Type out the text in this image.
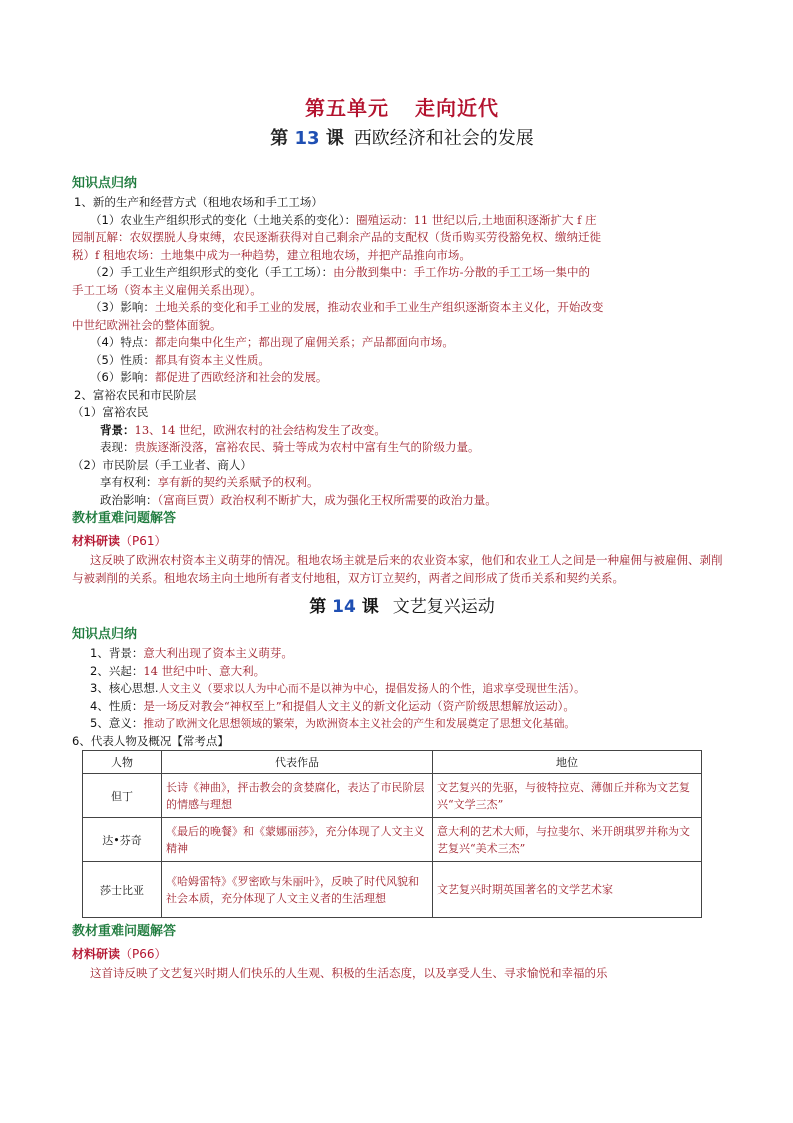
第五单元 走向近代

第 13 课 西欧经济和社会的发展

知识点归纳

1、新的生产和经营方式（租地农场和手工工场）

（1）农业生产组织形式的变化（土地关系的变化）：圈殖运动：11 世纪以后,土地面积逐渐扩大 f 庄

园制瓦解：农奴摆脱人身束缚，农民逐渐获得对自己剩余产品的支配权（货币购买劳役豁免权、缴纳迁徙

税）f 租地农场：土地集中成为一种趋势，建立租地农场，并把产品推向市场。

（2）手工业生产组织形式的变化（手工工场）：由分散到集中：手工作坊-分散的手工工场一集中的

手工工场（资本主义雇佣关系出现）。

（3）影响：土地关系的变化和手工业的发展，推动农业和手工业生产组织逐渐资本主义化，开始改变

中世纪欧洲社会的整体面貌。

（4）特点：都走向集中化生产；都出现了雇佣关系；产品都面向市场。

（5）性质：都具有资本主义性质。

（6）影响：都促进了西欧经济和社会的发展。

2、富裕农民和市民阶层

（1）富裕农民

背景：13、14 世纪，欧洲农村的社会结构发生了改变。

表现：贵族逐渐没落，富裕农民、骑士等成为农村中富有生气的阶级力量。

（2）市民阶层（手工业者、商人）

享有权利：享有新的契约关系赋予的权利。

政治影响：（富商巨贾）政治权利不断扩大，成为强化王权所需要的政治力量。

教材重难问题解答

材料研读（P61）

这反映了欧洲农村资本主义萌芽的情况。租地农场主就是后来的农业资本家，他们和农业工人之间是一种雇佣与被雇佣、剥削与被剥削的关系。租地农场主向土地所有者支付地租，双方订立契约，两者之间形成了货币关系和契约关系。

第 14 课 文艺复兴运动

知识点归纳

1、背景：意大利出现了资本主义萌芽。

2、兴起：14 世纪中叶、意大利。

3、核心思想.人文主义（要求以人为中心而不是以神为中心，提倡发扬人的个性，追求享受现世生活）。

4、性质：是一场反对教会“神权至上”和提倡人文主义的新文化运动（资产阶级思想解放运动）。

5、意义：推动了欧洲文化思想领域的繁荣，为欧洲资本主义社会的产生和发展奠定了思想文化基础。

6、代表人物及概况【常考点】

人物	代表作品	地位
但丁	长诗《神曲》，抨击教会的贪婪腐化，表达了市民阶层的情感与理想	文艺复兴的先驱，与彼特拉克、薄伽丘并称为文艺复兴“文学三杰”
达•芬奇	《最后的晚餐》和《蒙娜丽莎》，充分体现了人文主义精神	意大利的艺术大师，与拉斐尔、米开朗琪罗并称为文艺复兴“美术三杰”
莎士比亚	《哈姆雷特》《罗密欧与朱丽叶》，反映了时代风貌和社会本质，充分体现了人文主义者的生活理想	文艺复兴时期英国著名的文学艺术家

教材重难问题解答

材料研读（P66）

这首诗反映了文艺复兴时期人们快乐的人生观、积极的生活态度，以及享受人生、寻求愉悦和幸福的乐
